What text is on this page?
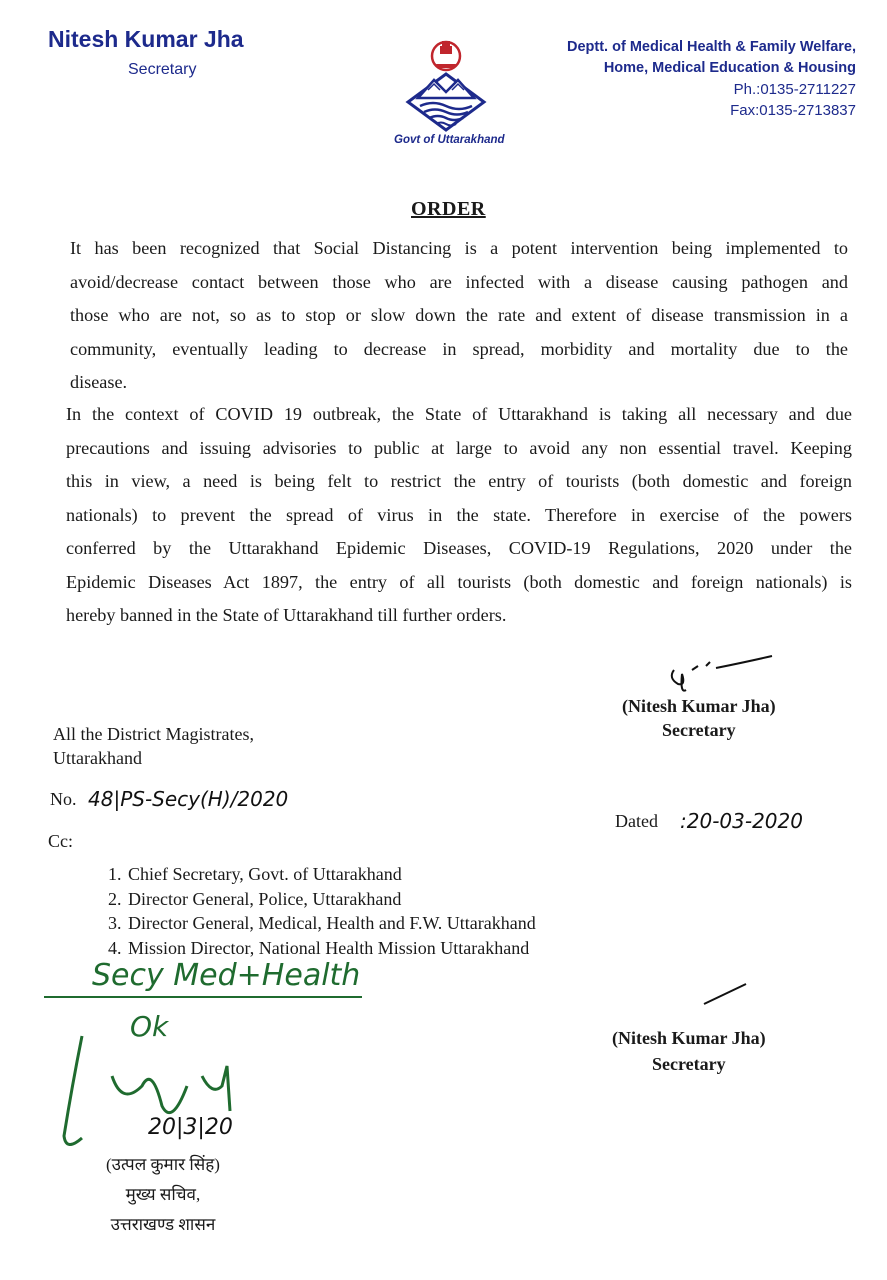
Nitesh Kumar Jha
Secretary
Govt of Uttarakhand
Deptt. of Medical Health & Family Welfare,
Home, Medical Education & Housing
Ph.:0135-2711227
Fax:0135-2713837
ORDER
It has been recognized that Social Distancing is a potent intervention being implemented to
avoid/decrease contact between those who are infected with a disease causing pathogen and
those who are not, so as to stop or slow down the rate and extent of disease transmission in a
community, eventually leading to decrease in spread, morbidity and mortality due to the
disease.
In the context of COVID 19 outbreak, the State of Uttarakhand is taking all necessary and due
precautions and issuing advisories to public at large to avoid any non essential travel. Keeping
this in view, a need is being felt to restrict the entry of tourists (both domestic and foreign
nationals) to prevent the spread of virus in the state. Therefore in exercise of the powers
conferred by the Uttarakhand Epidemic Diseases, COVID-19 Regulations, 2020 under the
Epidemic Diseases Act 1897, the entry of all tourists (both domestic and foreign nationals) is
hereby banned in the State of Uttarakhand till further orders.
(Nitesh Kumar Jha)
Secretary
All the District Magistrates,
Uttarakhand
No. 48|PS-Secy(H)/2020
Dated :20-03-2020
Cc:
1. Chief Secretary, Govt. of Uttarakhand
2. Director General, Police, Uttarakhand
3. Director General, Medical, Health and F.W. Uttarakhand
4. Mission Director, National Health Mission Uttarakhand
Secy Med+Health
Ok
20|3|20
(उत्पल कुमार सिंह)
मुख्य सचिव,
उत्तराखण्ड शासन
(Nitesh Kumar Jha)
Secretary
